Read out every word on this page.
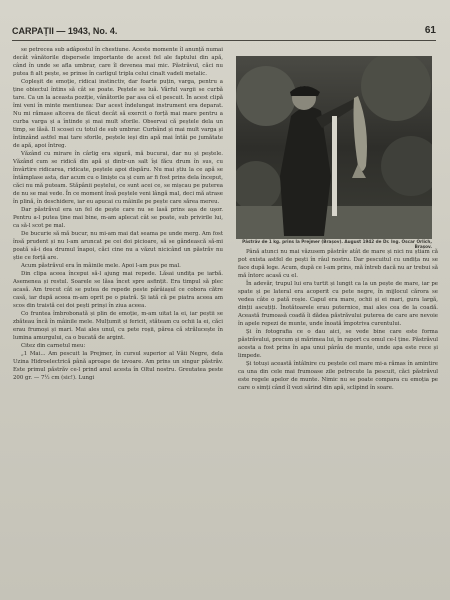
CARPAȚII — 1943, No. 4.	61

se petrecea sub adâpostul în chestiune. Aceste momente îl anunță numai decât vânătorile dispersele importante de acest fel ale faptului din apă, când în unde se afla umbrar, care îl devenea mai mic. Păstrăvul, căci nu putea fi alt pește, se prinse în carligul tripla celui cinalt vadeli metalic.

Copleșit de emoție, ridicai instinctiv, dar foarte puțin, varga, pentru a ține obiectul întins să cât se poate. Peștele se luă. Vârful vargii se curbă tare. Ca un la aceasta poziție, vânătorile par asa că el pescuit. În acest clipă îmi veni în minte mentiunea: Dar acest îndelungat instrument era deparat. Nu mi rămase altceva de făcut decât să exercit o forță mai mare pentru a curba varga și a întinde și mai mult sforile. Observai că peștele dela un timp, se lăsă. Il scosei cu totul de sub umbrar. Curbând și mai mult varga și întinzând astfel mai tare sforile, peștele ieși din apă mai întâi pe jumătate de apă, apoi întreg.

Văzând cu mirare în cârlig era sigură, mă bucurai, dar nu și peștele. Văzând cum se ridică din apă și dintr-un salt își făcu drum în sus, cu învârtire ridicarea, ridicate, peștele apoi dispăru. Nu mai știu la ce apă se întâmplase asta, dar acum cu o liniște ca și cum ar fi fost prins dela început, căci nu mă puteam. Stăpânii peștelui, ce sunt acei ce, se mișcau pe puterea de nu se mai vede. În ce moment însă peștele veni lângă mal, deci mă atrase în plină, în deschidere, iar eu apucai cu mâinile pe pește care sărea mereu.

Dar păstrăvul era un fel de pește care nu se lasă prins așa de ușor. Pentru a-l putea ține mai bine, m-am aplecat cât se poate, sub privirile lui, ca să-l scot pe mal.

De bucurie să mă bucur, nu mi-am mai dat seama pe unde merg. Am fost însă prudent și nu l-am aruncat pe cei doi picioare, să se gândească să-mi poată să-i dea drumul înapoi, căci cine nu a văzut nicicând un păstrăv nu știe ce forță are.

Acum păstrăvul era în mâinile mele. Apoi l-am pus pe mal.

Din clipa aceea începui să-l ajung mai repede. Lăsai undița pe iarbă. Asemenea și restul. Soarele se lăsa încet spre asfințit. Era timpul să plec acasă. Am trecut cât se putea de repede peste pârâiașul ce cobora către casă, iar după aceea m-am oprit pe o piatră. Și iată că pe piatra aceea am scos din traistă cei doi pești prinși în ziua aceea.

Co fruntea îmbrobonată și plin de emoție, m-am uitat la ei, iar peștii se zbăteau încă în mâinile mele. Mulțumit și fericit, stăteam cu ochii la ei, căci erau frumoși și mari. Mai ales unul, cu pete roșii, părea că strălucește în lumina amurgului, ca o bucată de argint.

Citez din carnetul meu:

„1 Mai... Am pescuit la Prejmer, în cursul superior al Văii Negre, dela Uzina Hidroelectrică până aproape de izvoare. Am prins un singur păstrăv. Este primul păstrăv ce-l prind anul acesta în Oltul nostru. Greutatea peste 200 gr. — 7½ cm (sic!). Lungi

Păstrăv de 1 kg. prins la Prejmer (Brașov). August 1942 de Dr. Ing. Oscar Orlich, Brașov.

Până atunci nu mai văzusem păstrăv atât de mare și nici nu știam că pot exista astfel de pești în râul nostru. Dar pescuitul cu undița nu se face după lege. Acum, după ce l-am prins, mă întreb dacă nu ar trebui să mă întorc acasă cu el.

În adevăr, trupul lui era turtit și lungit ca la un pește de mare, iar pe spate și pe lateral era acoperit cu pete negre, în mijlocul cărora se vedea câte o pată roșie. Capul era mare, ochii și ei mari, gura largă, dinții ascuțiți. Înotătoarele erau puternice, mai ales cea de la coadă. Această frumoasă coadă îi dădea păstrăvului puterea de care are nevoie în apele repezi de munte, unde înoată împotriva curentului.

Și în fotografia ce o dau aici, se vede bine care este forma păstrăvului, precum și mărimea lui, în raport cu omul ce-l ține. Păstrăvul acesta a fost prins în apa unui pârâu de munte, unde apa este rece și limpede.

Și totuși această întâlnire cu peștele cel mare mi-a rămas în amintire ca una din cele mai frumoase zile petrecute la pescuit, căci păstrăvul este regele apelor de munte. Nimic nu se poate compara cu emoția pe care o simți când îl vezi sărind din apă, sclipind în soare.
